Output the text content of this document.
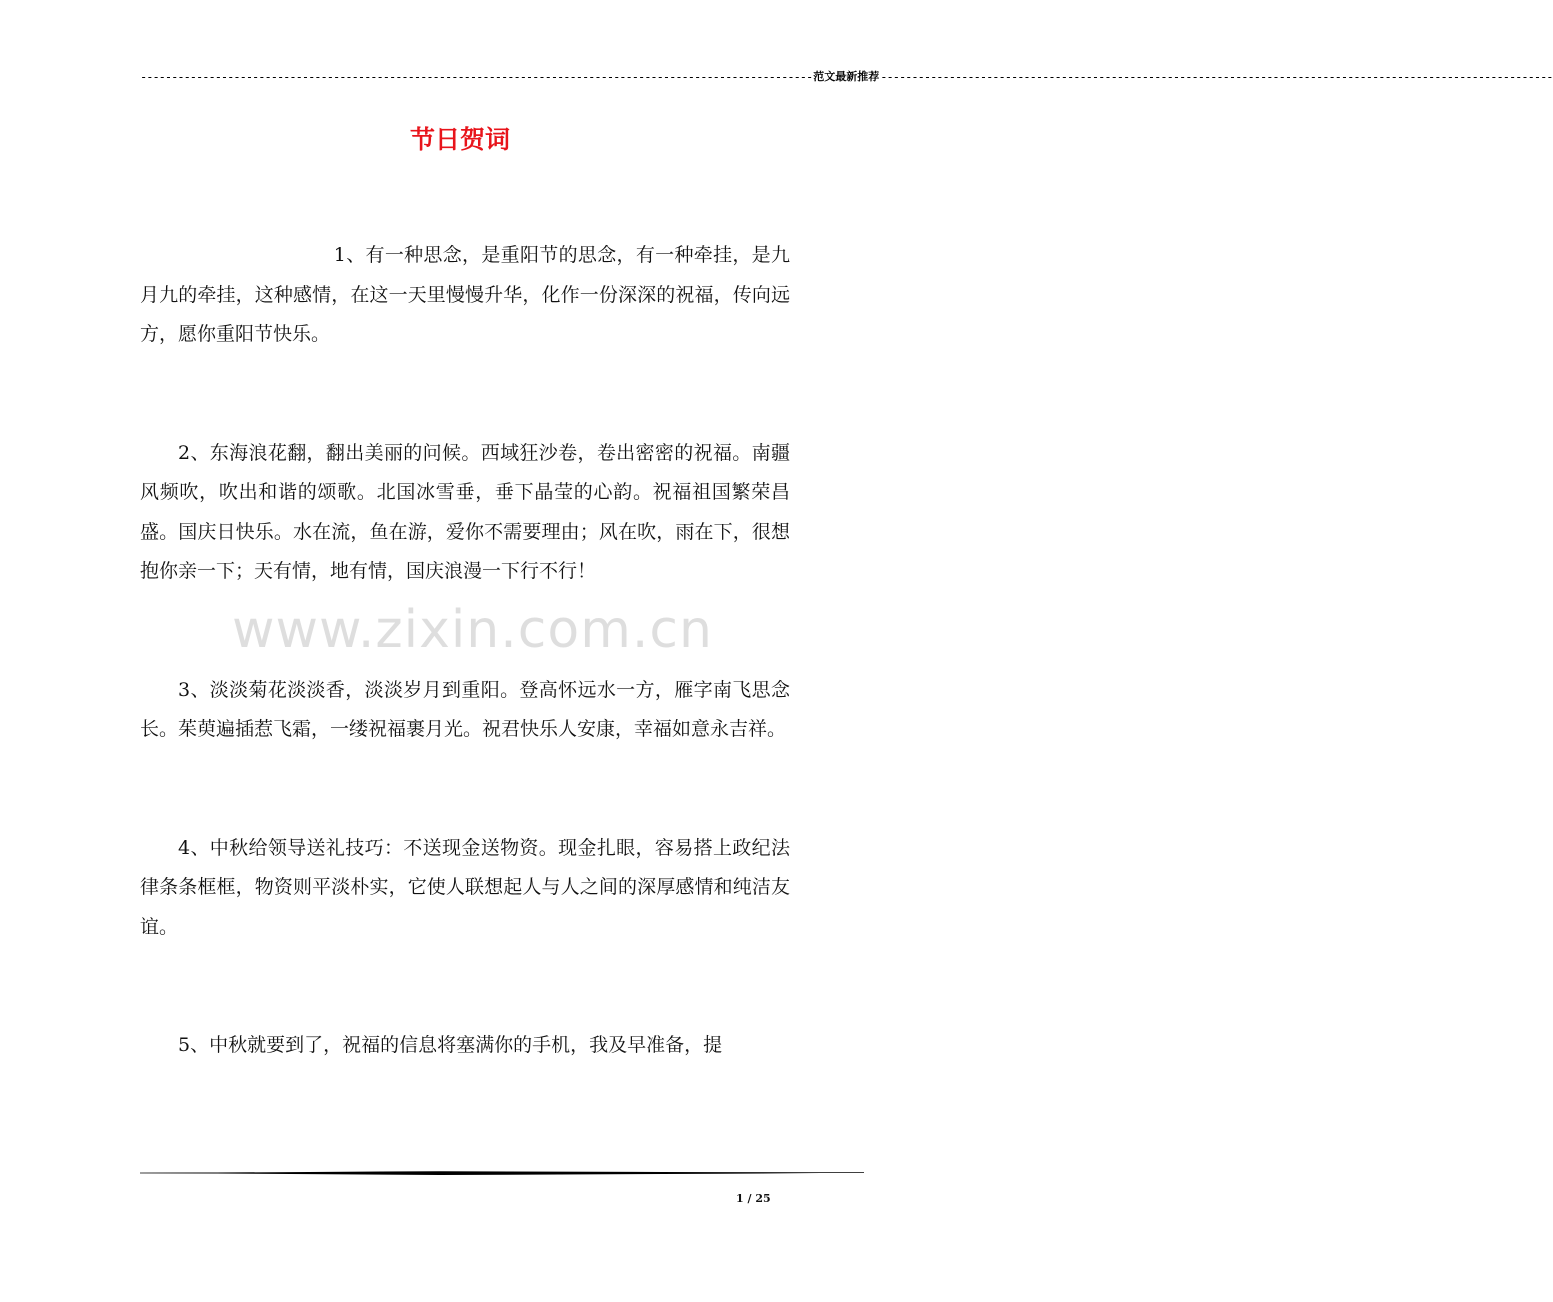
------------------------------------------------------------------------------------------------------------ 范文最新推荐 ------------------------------------------------------------------------------------------------------------
节日贺词

1、有一种思念，是重阳节的思念，有一种牵挂，是九月九的牵挂，这种感情，在这一天里慢慢升华，化作一份深深的祝福，传向远方，愿你重阳节快乐。

2、东海浪花翻，翻出美丽的问候。西域狂沙卷，卷出密密的祝福。南疆风频吹，吹出和谐的颂歌。北国冰雪垂，垂下晶莹的心韵。祝福祖国繁荣昌盛。国庆日快乐。水在流，鱼在游，爱你不需要理由；风在吹，雨在下，很想抱你亲一下；天有情，地有情，国庆浪漫一下行不行！

3、淡淡菊花淡淡香，淡淡岁月到重阳。登高怀远水一方，雁字南飞思念长。茱萸遍插惹飞霜，一缕祝福裹月光。祝君快乐人安康，幸福如意永吉祥。

4、中秋给领导送礼技巧：不送现金送物资。现金扎眼，容易搭上政纪法律条条框框，物资则平淡朴实，它使人联想起人与人之间的深厚感情和纯洁友谊。

5、中秋就要到了，祝福的信息将塞满你的手机，我及早准备，提

www.zixin.com.cn
1 / 25
